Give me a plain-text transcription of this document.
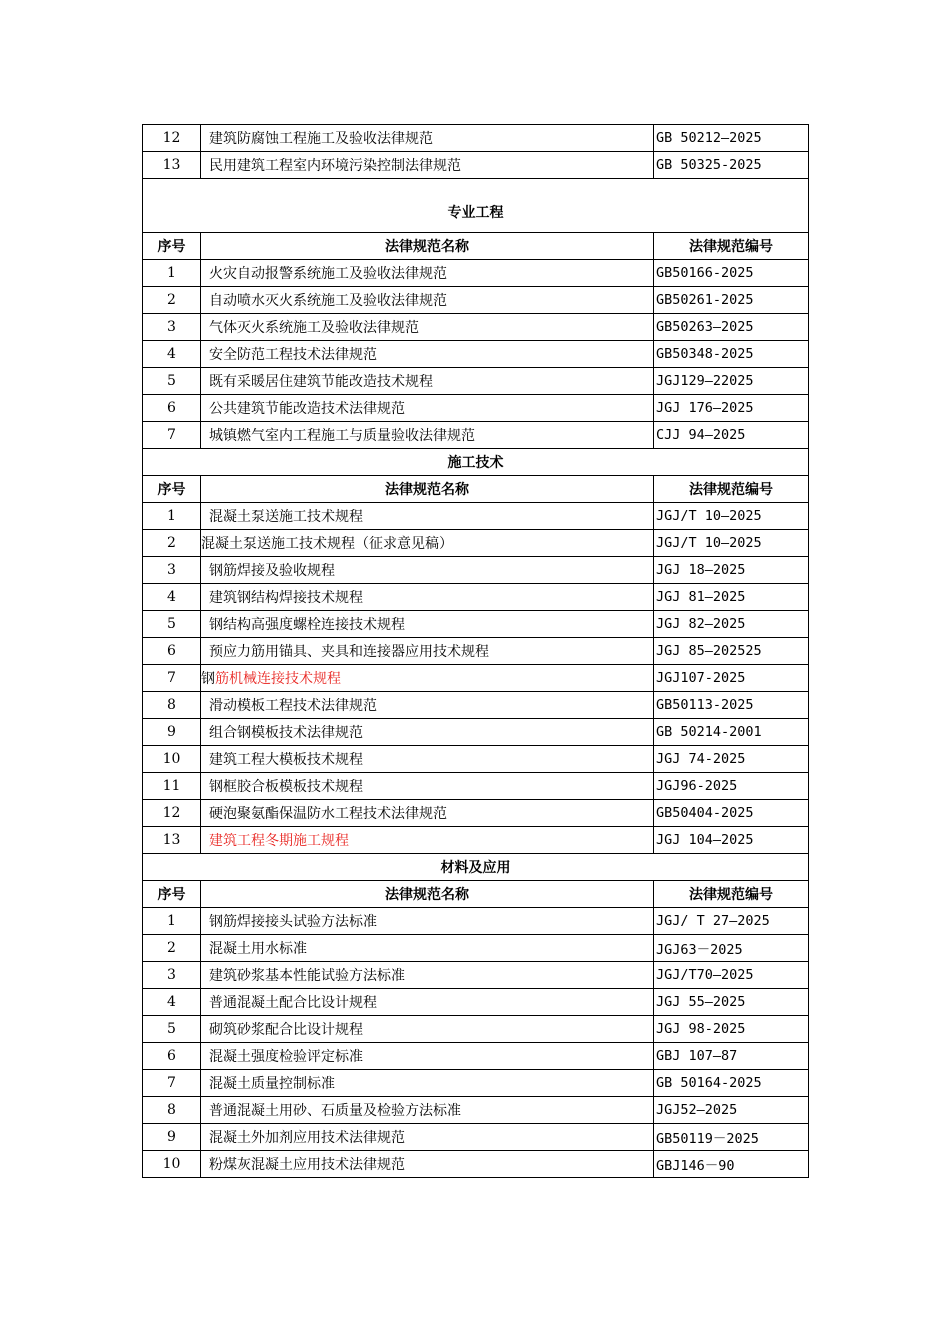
12	建筑防腐蚀工程施工及验收法律规范	GB 50212—2025
13	民用建筑工程室内环境污染控制法律规范	GB 50325-2025
专业工程		
序号	法律规范名称	法律规范编号
1	火灾自动报警系统施工及验收法律规范	GB50166-2025
2	自动喷水灭火系统施工及验收法律规范	GB50261-2025
3	气体灭火系统施工及验收法律规范	GB50263—2025
4	安全防范工程技术法律规范	GB50348-2025
5	既有采暖居住建筑节能改造技术规程	JGJ129—22025
6	公共建筑节能改造技术法律规范	JGJ 176—2025
7	城镇燃气室内工程施工与质量验收法律规范	CJJ 94—2025
施工技术		
序号	法律规范名称	法律规范编号
1	混凝土泵送施工技术规程	JGJ/T 10—2025
2	混凝土泵送施工技术规程（征求意见稿）	JGJ/T 10—2025
3	钢筋焊接及验收规程	JGJ 18—2025
4	建筑钢结构焊接技术规程	JGJ 81—2025
5	钢结构高强度螺栓连接技术规程	JGJ 82—2025
6	预应力筋用锚具、夹具和连接器应用技术规程	JGJ 85—202525
7	钢筋机械连接技术规程	JGJ107-2025
8	滑动模板工程技术法律规范	GB50113-2025
9	组合钢模板技术法律规范	GB 50214-2001
10	建筑工程大模板技术规程	JGJ 74-2025
11	钢框胶合板模板技术规程	JGJ96-2025
12	硬泡聚氨酯保温防水工程技术法律规范	GB50404-2025
13	建筑工程冬期施工规程	JGJ 104—2025
材料及应用		
序号	法律规范名称	法律规范编号
1	钢筋焊接接头试验方法标准	JGJ/ T 27—2025
2	混凝土用水标准	JGJ63－2025
3	建筑砂浆基本性能试验方法标准	JGJ/T70—2025
4	普通混凝土配合比设计规程	JGJ 55—2025
5	砌筑砂浆配合比设计规程	JGJ 98-2025
6	混凝土强度检验评定标准	GBJ 107—87
7	混凝土质量控制标准	GB 50164-2025
8	普通混凝土用砂、石质量及检验方法标准	JGJ52—2025
9	混凝土外加剂应用技术法律规范	GB50119－2025
10	粉煤灰混凝土应用技术法律规范	GBJ146－90
